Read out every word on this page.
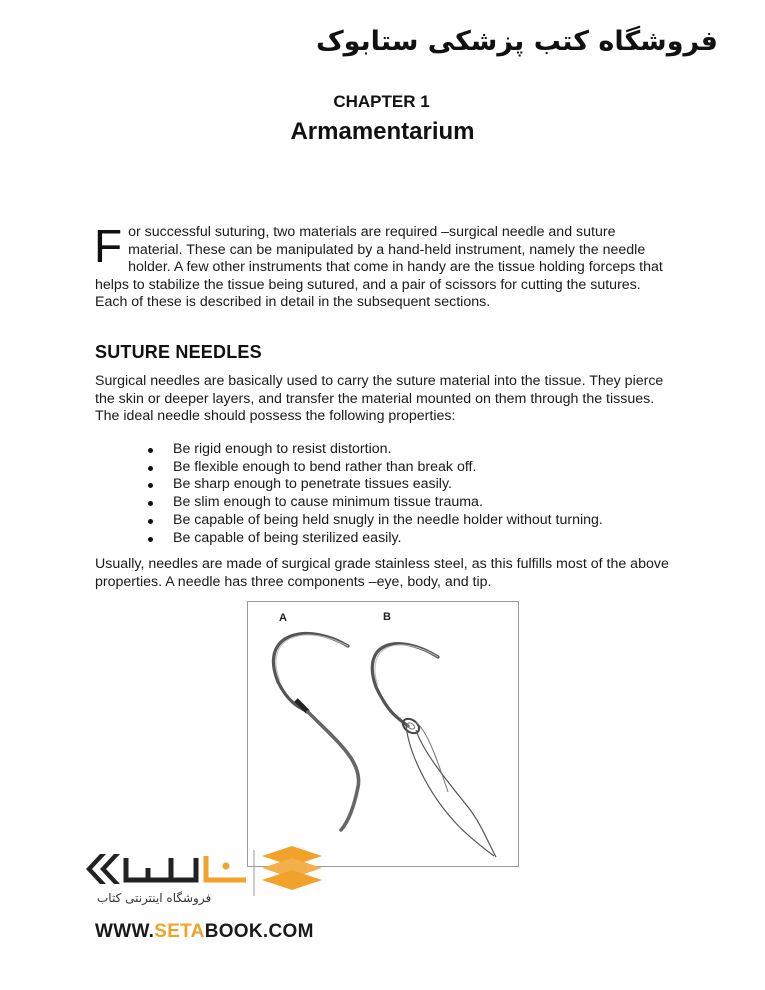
فروشگاه کتب پزشکی ستابوک
CHAPTER 1
Armamentarium
F or successful suturing, two materials are required –surgical needle and suture material. These can be manipulated by a hand-held instrument, namely the needle holder. A few other instruments that come in handy are the tissue holding forceps that helps to stabilize the tissue being sutured, and a pair of scissors for cutting the sutures. Each of these is described in detail in the subsequent sections.
SUTURE NEEDLES
Surgical needles are basically used to carry the suture material into the tissue. They pierce the skin or deeper layers, and transfer the material mounted on them through the tissues. The ideal needle should possess the following properties:
Be rigid enough to resist distortion.
Be flexible enough to bend rather than break off.
Be sharp enough to penetrate tissues easily.
Be slim enough to cause minimum tissue trauma.
Be capable of being held snugly in the needle holder without turning.
Be capable of being sterilized easily.
Usually, needles are made of surgical grade stainless steel, as this fulfills most of the above properties. A needle has three components –eye, body, and tip.
A	B
فروشگاه اینترنتی کتاب
WWW.SETABOOK.COM
